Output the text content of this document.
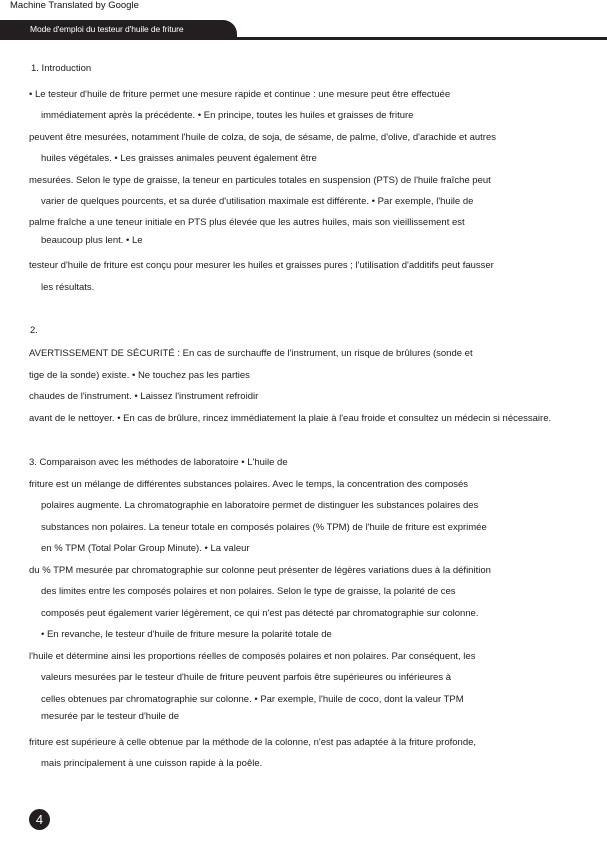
Machine Translated by Google
Mode d'emploi du testeur d'huile de friture
1. Introduction
• Le testeur d'huile de friture permet une mesure rapide et continue : une mesure peut être effectuée
immédiatement après la précédente. • En principe, toutes les huiles et graisses de friture
peuvent être mesurées, notamment l'huile de colza, de soja, de sésame, de palme, d'olive, d'arachide et autres
huiles végétales. • Les graisses animales peuvent également être
mesurées. Selon le type de graisse, la teneur en particules totales en suspension (PTS) de l'huile fraîche peut
varier de quelques pourcents, et sa durée d'utilisation maximale est différente. • Par exemple, l'huile de
palme fraîche a une teneur initiale en PTS plus élevée que les autres huiles, mais son vieillissement est
beaucoup plus lent. • Le
testeur d'huile de friture est conçu pour mesurer les huiles et graisses pures ; l'utilisation d'additifs peut fausser
les résultats.
2.
AVERTISSEMENT DE SÉCURITÉ : En cas de surchauffe de l'instrument, un risque de brûlures (sonde et
tige de la sonde) existe. • Ne touchez pas les parties
chaudes de l'instrument. • Laissez l'instrument refroidir
avant de le nettoyer. • En cas de brûlure, rincez immédiatement la plaie à l'eau froide et consultez un médecin si nécessaire.
3. Comparaison avec les méthodes de laboratoire • L'huile de
friture est un mélange de différentes substances polaires. Avec le temps, la concentration des composés
polaires augmente. La chromatographie en laboratoire permet de distinguer les substances polaires des
substances non polaires. La teneur totale en composés polaires (% TPM) de l'huile de friture est exprimée
en % TPM (Total Polar Group Minute). • La valeur
du % TPM mesurée par chromatographie sur colonne peut présenter de légères variations dues à la définition
des limites entre les composés polaires et non polaires. Selon le type de graisse, la polarité de ces
composés peut également varier légèrement, ce qui n'est pas détecté par chromatographie sur colonne.
• En revanche, le testeur d'huile de friture mesure la polarité totale de
l'huile et détermine ainsi les proportions réelles de composés polaires et non polaires. Par conséquent, les
valeurs mesurées par le testeur d'huile de friture peuvent parfois être supérieures ou inférieures à
celles obtenues par chromatographie sur colonne. • Par exemple, l'huile de coco, dont la valeur TPM
mesurée par le testeur d'huile de
friture est supérieure à celle obtenue par la méthode de la colonne, n'est pas adaptée à la friture profonde,
mais principalement à une cuisson rapide à la poêle.
4
